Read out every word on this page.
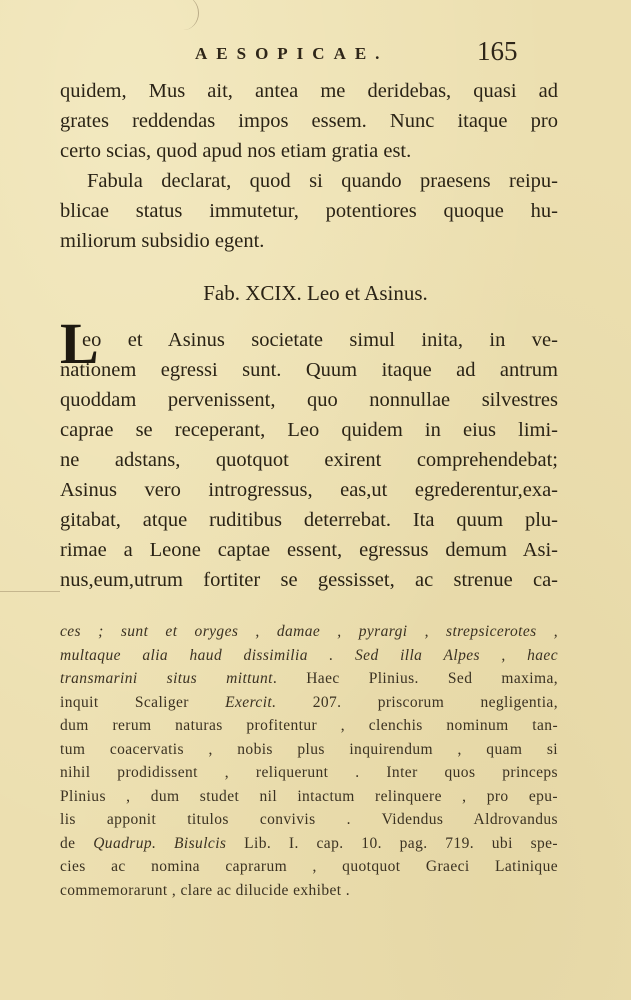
AESOPICAE.	165
quidem, Mus ait, antea me deridebas, quasi ad
grates reddendas impos essem. Nunc itaque pro
certo scias, quod apud nos etiam gratia est.
Fabula declarat, quod si quando praesens reipu-
blicae status immutetur, potentiores quoque hu-
miliorum subsidio egent.
Fab. XCIX. Leo et Asinus.
L
eo et Asinus societate simul inita, in ve-
nationem egressi sunt. Quum itaque ad antrum
quoddam pervenissent, quo nonnullae silvestres
caprae se receperant, Leo quidem in eius limi-
ne adstans, quotquot exirent comprehendebat;
Asinus vero introgressus, eas,ut egrederentur,exa-
gitabat, atque ruditibus deterrebat. Ita quum plu-
rimae a Leone captae essent, egressus demum Asi-
nus,eum,utrum fortiter se gessisset, ac strenue ca-
ces ; sunt et oryges , damae , pyrargi , strepsicerotes ,
multaque alia haud dissimilia . Sed illa Alpes , haec
transmarini situs mittunt. Haec Plinius. Sed maxima,
inquit Scaliger Exercit. 207. priscorum negligentia,
dum rerum naturas profitentur , clenchis nominum tan-
tum coacervatis , nobis plus inquirendum , quam si
nihil prodidissent , reliquerunt . Inter quos princeps
Plinius , dum studet nil intactum relinquere , pro epu-
lis apponit titulos convivis . Videndus Aldrovandus
de Quadrup. Bisulcis Lib. I. cap. 10. pag. 719. ubi spe-
cies ac nomina caprarum , quotquot Graeci Latinique
commemorarunt , clare ac dilucide exhibet .
